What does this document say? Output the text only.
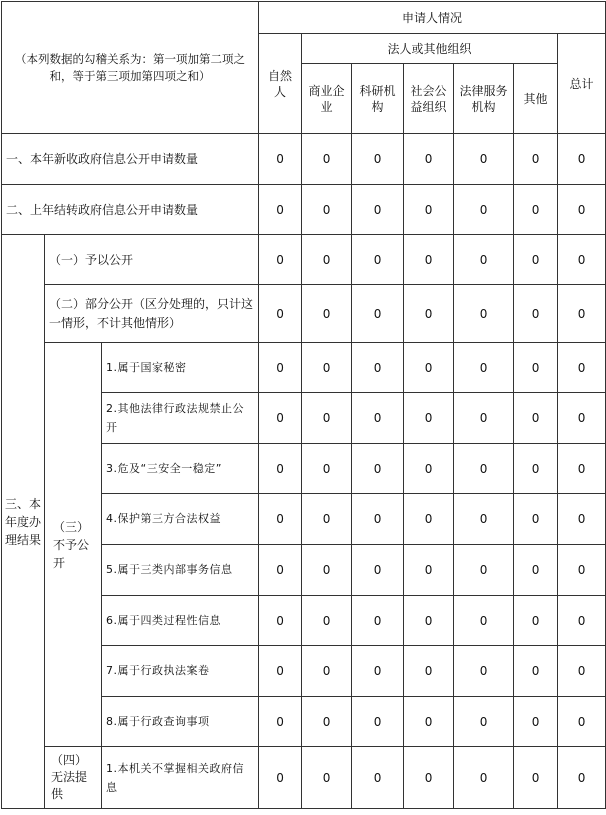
（本列数据的勾稽关系为：第一项加第二项之和，等于第三项加第四项之和）			申请人情况						
			自然人	法人或其他组织					总计
				商业企业	科研机构	社会公益组织	法律服务机构	其他	
一、本年新收政府信息公开申请数量			0	0	0	0	0	0	0
二、上年结转政府信息公开申请数量			0	0	0	0	0	0	0
三、本年度办理结果	（一）予以公开		0	0	0	0	0	0	0
	（二）部分公开（区分处理的，只计这一情形，不计其他情形）		0	0	0	0	0	0	0
	（三）不予公开	1.属于国家秘密	0	0	0	0	0	0	0
		2.其他法律行政法规禁止公开	0	0	0	0	0	0	0
		3.危及“三安全一稳定”	0	0	0	0	0	0	0
		4.保护第三方合法权益	0	0	0	0	0	0	0
		5.属于三类内部事务信息	0	0	0	0	0	0	0
		6.属于四类过程性信息	0	0	0	0	0	0	0
		7.属于行政执法案卷	0	0	0	0	0	0	0
		8.属于行政查询事项	0	0	0	0	0	0	0
	（四）无法提供	1.本机关不掌握相关政府信息	0	0	0	0	0	0	0
